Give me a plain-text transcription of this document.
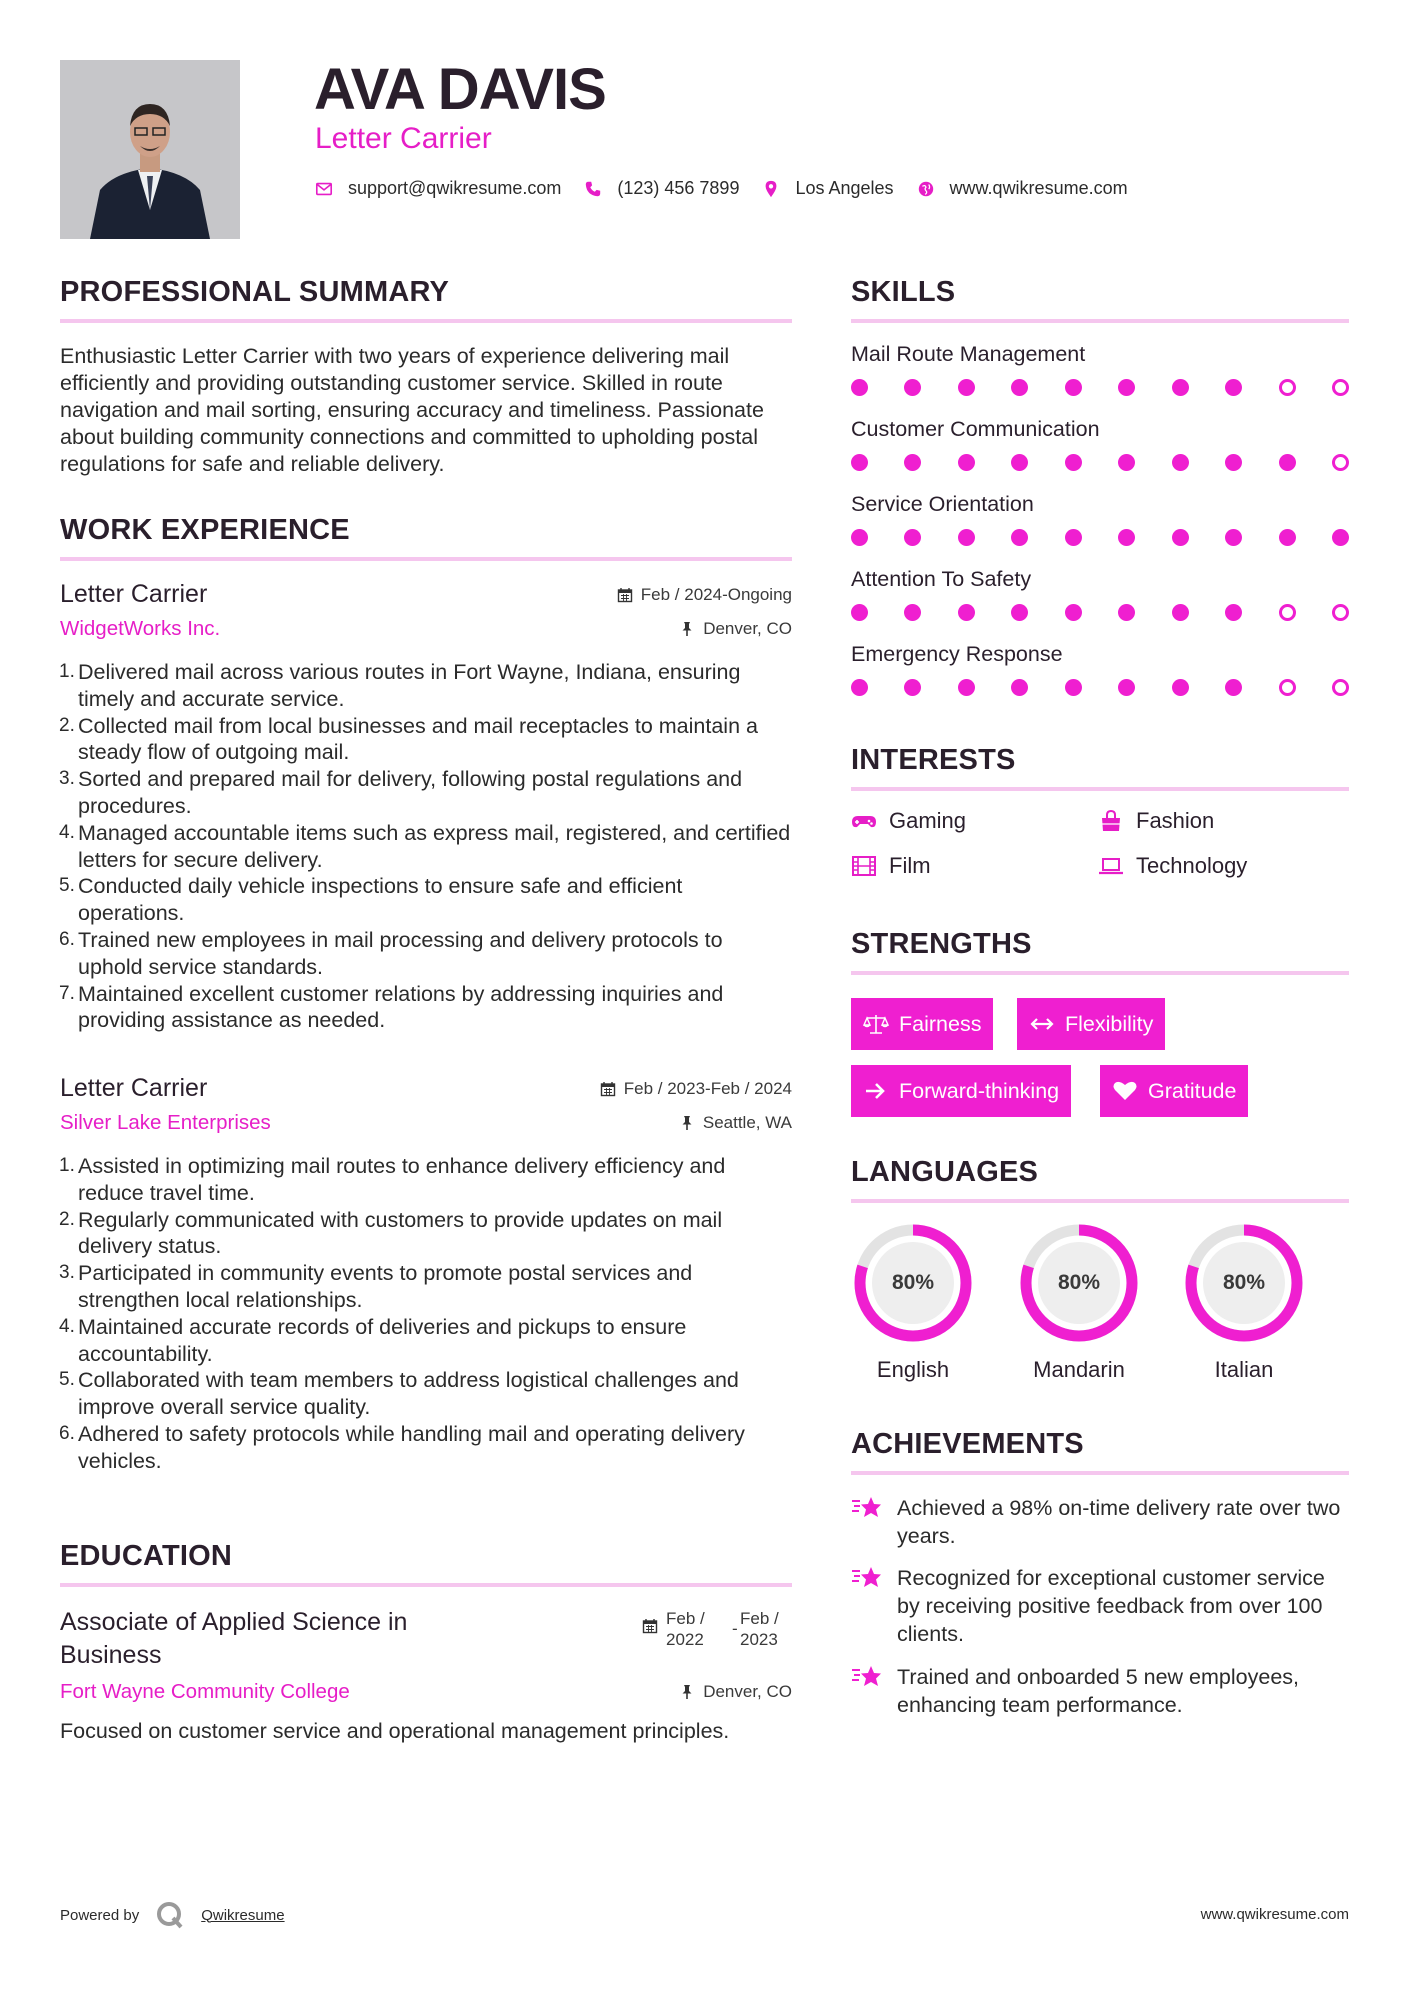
AVA DAVIS
Letter Carrier
support@qwikresume.com	(123) 456 7899	Los Angeles	www.qwikresume.com
PROFESSIONAL SUMMARY

Enthusiastic Letter Carrier with two years of experience delivering mail efficiently and providing outstanding customer service. Skilled in route navigation and mail sorting, ensuring accuracy and timeliness. Passionate about building community connections and committed to upholding postal regulations for safe and reliable delivery.

WORK EXPERIENCE
Letter Carrier	Feb / 2024-Ongoing
WidgetWorks Inc.	Denver, CO
1. Delivered mail across various routes in Fort Wayne, Indiana, ensuring timely and accurate service.
2. Collected mail from local businesses and mail receptacles to maintain a steady flow of outgoing mail.
3. Sorted and prepared mail for delivery, following postal regulations and procedures.
4. Managed accountable items such as express mail, registered, and certified letters for secure delivery.
5. Conducted daily vehicle inspections to ensure safe and efficient operations.
6. Trained new employees in mail processing and delivery protocols to uphold service standards.
7. Maintained excellent customer relations by addressing inquiries and providing assistance as needed.
Letter Carrier	Feb / 2023-Feb / 2024
Silver Lake Enterprises	Seattle, WA
1. Assisted in optimizing mail routes to enhance delivery efficiency and reduce travel time.
2. Regularly communicated with customers to provide updates on mail delivery status.
3. Participated in community events to promote postal services and strengthen local relationships.
4. Maintained accurate records of deliveries and pickups to ensure accountability.
5. Collaborated with team members to address logistical challenges and improve overall service quality.
6. Adhered to safety protocols while handling mail and operating delivery vehicles.
EDUCATION
Associate of Applied Science in
Business
Feb /
2022
-
Feb /
2023
Fort Wayne Community College	Denver, CO

Focused on customer service and operational management principles.

SKILLS
Mail Route Management
Customer Communication
Service Orientation
Attention To Safety
Emergency Response
INTERESTS
Gaming	Fashion
Film	Technology
STRENGTHS
Fairness	Flexibility
Forward-thinking	Gratitude
LANGUAGES
80%
English
80%
Mandarin
80%
Italian
ACHIEVEMENTS
Achieved a 98% on-time delivery rate over two years.
Recognized for exceptional customer service by receiving positive feedback from over 100 clients.
Trained and onboarded 5 new employees, enhancing team performance.
Powered by	Qwikresume	www.qwikresume.com
